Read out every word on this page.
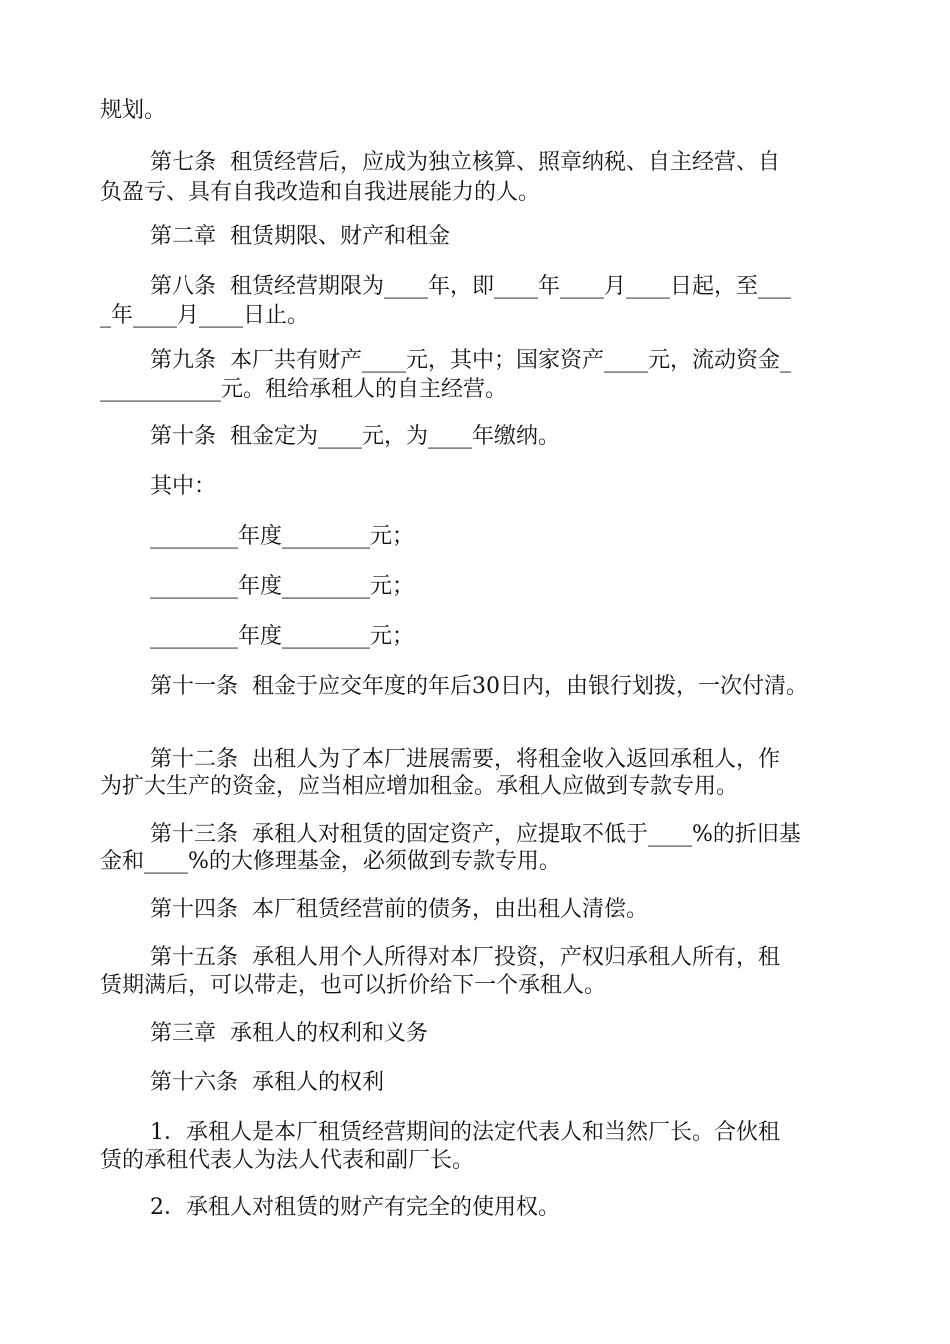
规划。
第七条  租赁经营后，应成为独立核算、照章纳税、自主经营、自
负盈亏、具有自我改造和自我进展能力的人。
第二章  租赁期限、财产和租金
第八条  租赁经营期限为____年，即____年____月____日起，至___
_年____月____日止。
第九条  本厂共有财产____元，其中；国家资产____元，流动资金_
___________元。租给承租人的自主经营。
第十条  租金定为____元，为____年缴纳。
其中：
________年度________元；
________年度________元；
________年度________元；
第十一条  租金于应交年度的年后30日内，由银行划拨，一次付清。
第十二条  出租人为了本厂进展需要，将租金收入返回承租人，作
为扩大生产的资金，应当相应增加租金。承租人应做到专款专用。
第十三条  承租人对租赁的固定资产，应提取不低于____%的折旧基
金和____%的大修理基金，必须做到专款专用。
第十四条  本厂租赁经营前的债务，由出租人清偿。
第十五条  承租人用个人所得对本厂投资，产权归承租人所有，租
赁期满后，可以带走，也可以折价给下一个承租人。
第三章  承租人的权利和义务
第十六条  承租人的权利
1．承租人是本厂租赁经营期间的法定代表人和当然厂长。合伙租
赁的承租代表人为法人代表和副厂长。
2．承租人对租赁的财产有完全的使用权。
